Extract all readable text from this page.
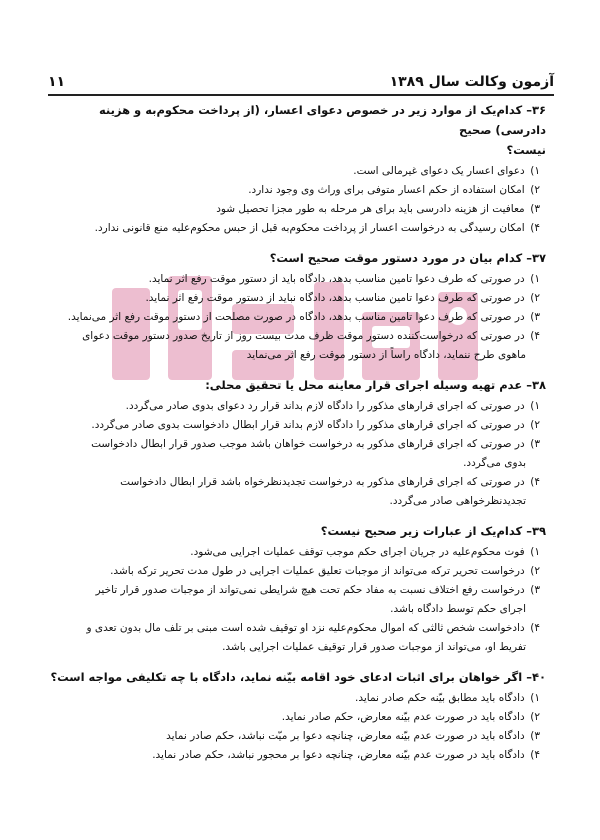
آزمون وکالت سال ۱۳۸۹
۱۱
۳۶– کدام‌یک از موارد زیر در خصوص دعوای اعسار، (از پرداخت محکوم‌به و هزینه دادرسی) صحیح
نیست؟
۱) دعوای اعسار یک دعوای غیرمالی است.
۲) امکان استفاده از حکم اعسار متوفی برای وراث وی وجود ندارد.
۳) معافیت از هزینه دادرسی باید برای هر مرحله به طور مجزا تحصیل شود
۴) امکان رسیدگی به درخواست اعسار از پرداخت محکوم‌به قبل از حبس محکوم‌علیه منع قانونی ندارد.
۳۷– کدام بیان در مورد دستور موقت صحیح است؟
۱) در صورتی که طرف دعوا تامین مناسب بدهد، دادگاه باید از دستور موقت رفع اثر نماید.
۲) در صورتی که طرف دعوا تامین مناسب بدهد، دادگاه نباید از دستور موقت رفع اثر نماید.
۳) در صورتی که طرف دعوا تامین مناسب بدهد، دادگاه در صورت مصلحت از دستور موقت رفع اثر می‌نماید.
۴) در صورتی که درخواست‌کننده دستور موقت ظرف مدت بیست روز از تاریخ صدور دستور موقت دعوای
ماهوی طرح ننماید، دادگاه راساً از دستور موقت رفع اثر می‌نماید
۳۸– عدم تهیه وسیله اجرای قرار معاینه محل یا تحقیق محلی:
۱) در صورتی که اجرای قرارهای مذکور را دادگاه لازم بداند قرار رد دعوای بدوی صادر می‌گردد.
۲) در صورتی که اجرای قرارهای مذکور را دادگاه لازم بداند قرار ابطال دادخواست بدوی صادر می‌گردد.
۳) در صورتی که اجرای قرارهای مذکور به درخواست خواهان باشد موجب صدور قرار ابطال دادخواست
بدوی می‌گردد.
۴) در صورتی که اجرای قرارهای مذکور به درخواست تجدیدنظرخواه باشد قرار ابطال دادخواست
تجدیدنظرخواهی صادر می‌گردد.
۳۹– کدام‌یک از عبارات زیر صحیح نیست؟
۱) فوت محکوم‌علیه در جریان اجرای حکم موجب توقف عملیات اجرایی می‌شود.
۲) درخواست تحریر ترکه می‌تواند از موجبات تعلیق عملیات اجرایی در طول مدت تحریر ترکه باشد.
۳) درخواست رفع اختلاف نسبت به مفاد حکم تحت هیچ شرایطی نمی‌تواند از موجبات صدور قرار تاخیر
اجرای حکم توسط دادگاه باشد.
۴) دادخواست شخص ثالثی که اموال محکوم‌علیه نزد او توقیف شده است مبنی بر تلف مال بدون تعدی و
تفریط او، می‌تواند از موجبات صدور قرار توقیف عملیات اجرایی باشد.
۴۰– اگر خواهان برای اثبات ادعای خود اقامه بیّنه نماید، دادگاه با چه تکلیفی مواجه است؟
۱) دادگاه باید مطابق بیّنه حکم صادر نماید.
۲) دادگاه باید در صورت عدم بیّنه معارض، حکم صادر نماید.
۳) دادگاه باید در صورت عدم بیّنه معارض، چنانچه دعوا بر میّت نباشد، حکم صادر نماید
۴) دادگاه باید در صورت عدم بیّنه معارض، چنانچه دعوا بر محجور نباشد، حکم صادر نماید.
